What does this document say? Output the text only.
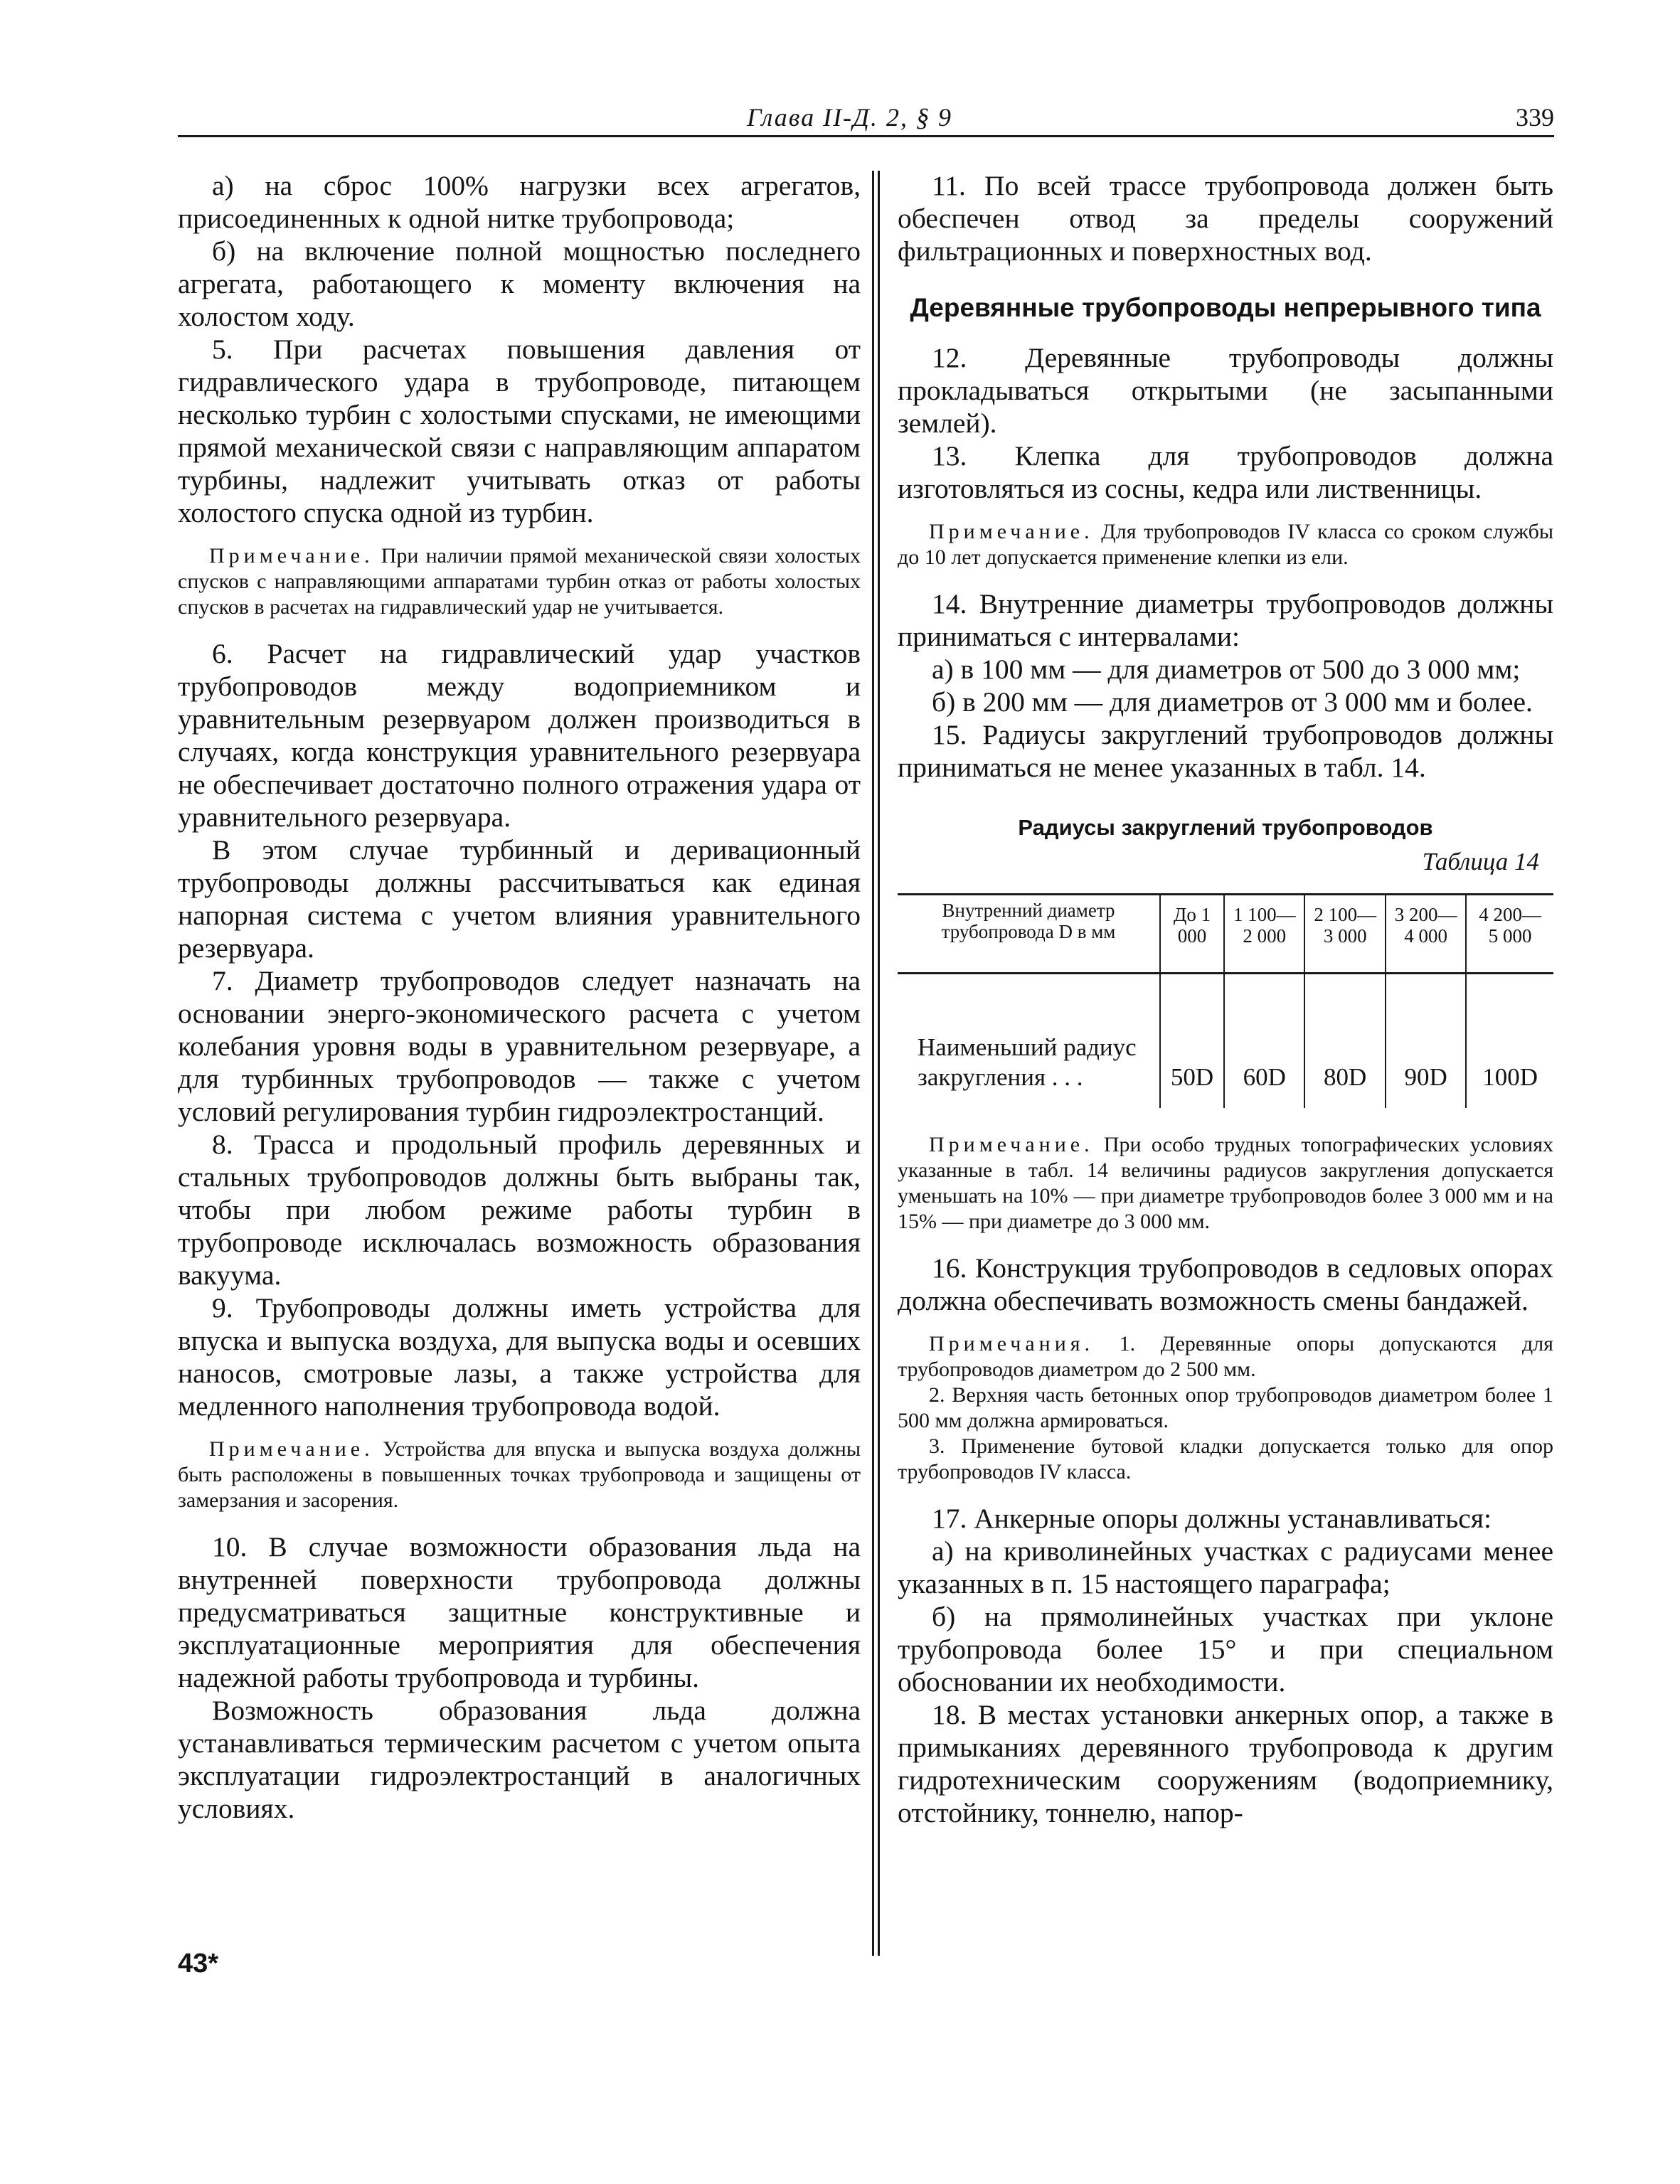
Глава II-Д. 2, § 9	339

а) на сброс 100% нагрузки всех агрегатов, присоединенных к одной нитке трубопровода;

б) на включение полной мощностью последнего агрегата, работающего к моменту включения на холостом ходу.

5. При расчетах повышения давления от гидравлического удара в трубопроводе, питающем несколько турбин с холостыми спусками, не имеющими прямой механической связи с направляющим аппаратом турбины, надлежит учитывать отказ от работы холостого спуска одной из турбин.

Примечание. При наличии прямой механической связи холостых спусков с направляющими аппаратами турбин отказ от работы холостых спусков в расчетах на гидравлический удар не учитывается.

6. Расчет на гидравлический удар участков трубопроводов между водоприемником и уравнительным резервуаром должен производиться в случаях, когда конструкция уравнительного резервуара не обеспечивает достаточно полного отражения удара от уравнительного резервуара.

В этом случае турбинный и деривационный трубопроводы должны рассчитываться как единая напорная система с учетом влияния уравнительного резервуара.

7. Диаметр трубопроводов следует назначать на основании энерго-экономического расчета с учетом колебания уровня воды в уравнительном резервуаре, а для турбинных трубопроводов — также с учетом условий регулирования турбин гидроэлектростанций.

8. Трасса и продольный профиль деревянных и стальных трубопроводов должны быть выбраны так, чтобы при любом режиме работы турбин в трубопроводе исключалась возможность образования вакуума.

9. Трубопроводы должны иметь устройства для впуска и выпуска воздуха, для выпуска воды и осевших наносов, смотровые лазы, а также устройства для медленного наполнения трубопровода водой.

Примечание. Устройства для впуска и выпуска воздуха должны быть расположены в повышенных точках трубопровода и защищены от замерзания и засорения.

10. В случае возможности образования льда на внутренней поверхности трубопровода должны предусматриваться защитные конструктивные и эксплуатационные мероприятия для обеспечения надежной работы трубопровода и турбины.

Возможность образования льда должна устанавливаться термическим расчетом с учетом опыта эксплуатации гидроэлектростанций в аналогичных условиях.

43*

11. По всей трассе трубопровода должен быть обеспечен отвод за пределы сооружений фильтрационных и поверхностных вод.

Деревянные трубопроводы непрерывного типа

12. Деревянные трубопроводы должны прокладываться открытыми (не засыпанными землей).

13. Клепка для трубопроводов должна изготовляться из сосны, кедра или лиственницы.

Примечание. Для трубопроводов IV класса со сроком службы до 10 лет допускается применение клепки из ели.

14. Внутренние диаметры трубопроводов должны приниматься с интервалами:

а) в 100 мм — для диаметров от 500 до 3 000 мм;

б) в 200 мм — для диаметров от 3 000 мм и более.

15. Радиусы закруглений трубопроводов должны приниматься не менее указанных в табл. 14.

Радиусы закруглений трубопроводов
Таблица 14
Внутренний диаметр трубопровода D в мм	До 1 000	1 100— 2 000	2 100— 3 000	3 200— 4 000	4 200— 5 000
Наименьший радиус закругления . . .	50D	60D	80D	90D	100D
Примечание. При особо трудных топографических условиях указанные в табл. 14 величины радиусов закругления допускается уменьшать на 10% — при диаметре трубопроводов более 3 000 мм и на 15% — при диаметре до 3 000 мм.

16. Конструкция трубопроводов в седловых опорах должна обеспечивать возможность смены бандажей.

Примечания. 1. Деревянные опоры допускаются для трубопроводов диаметром до 2 500 мм.
2. Верхняя часть бетонных опор трубопроводов диаметром более 1 500 мм должна армироваться.
3. Применение бутовой кладки допускается только для опор трубопроводов IV класса.

17. Анкерные опоры должны устанавливаться:

а) на криволинейных участках с радиусами менее указанных в п. 15 настоящего параграфа;

б) на прямолинейных участках при уклоне трубопровода более 15° и при специальном обосновании их необходимости.

18. В местах установки анкерных опор, а также в примыканиях деревянного трубопровода к другим гидротехническим сооружениям (водоприемнику, отстойнику, тоннелю, напор-
